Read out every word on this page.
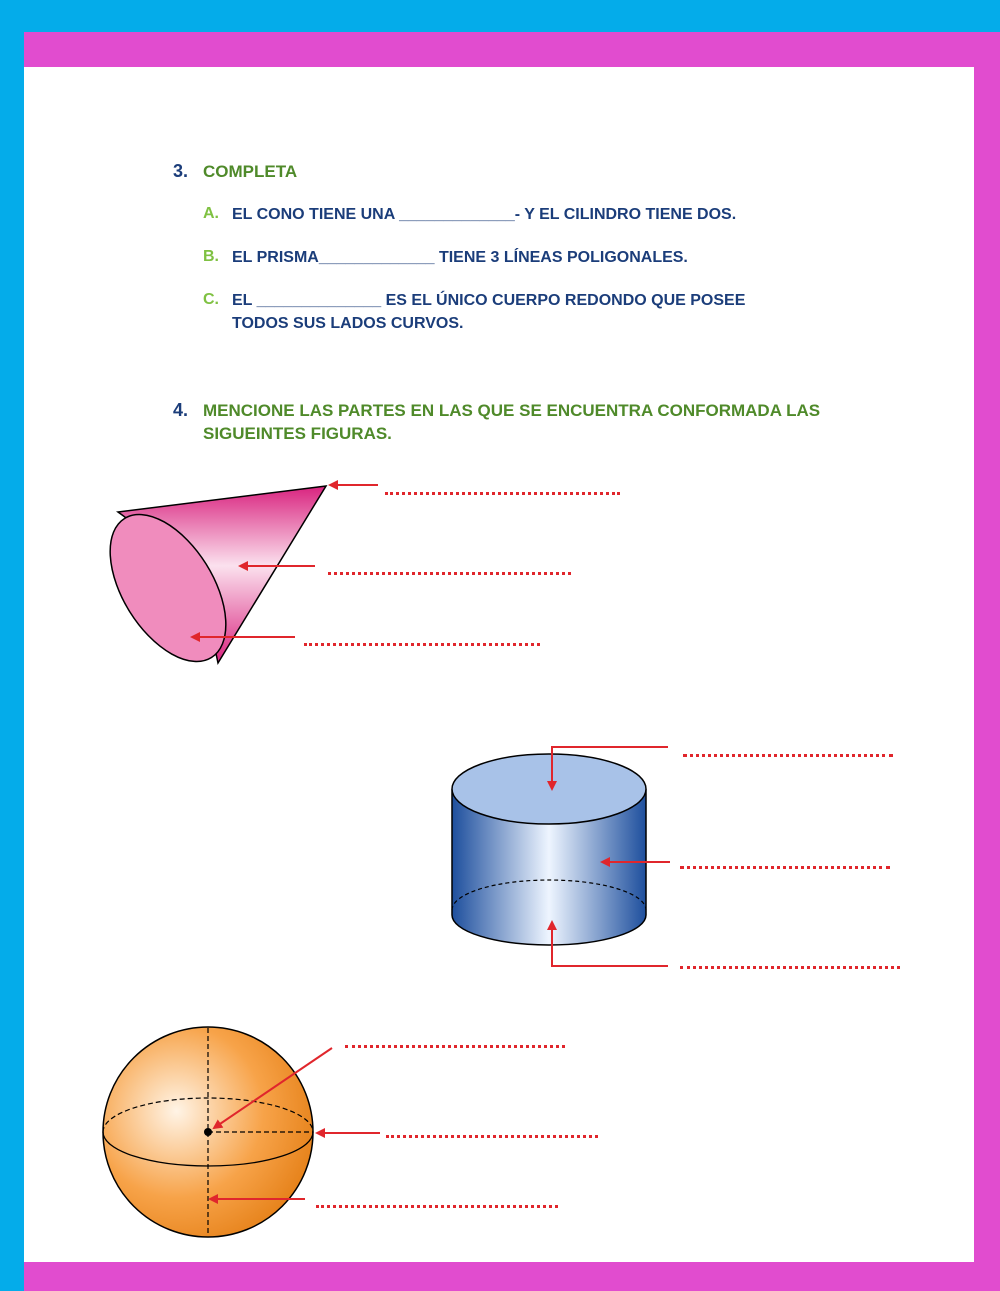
3. COMPLETA
A. EL CONO TIENE UNA _____________- Y EL CILINDRO TIENE DOS.
B. EL PRISMA_____________ TIENE 3 LÍNEAS POLIGONALES.
C. EL ______________ ES EL ÚNICO CUERPO REDONDO QUE POSEE
TODOS SUS LADOS CURVOS.
4. MENCIONE LAS PARTES EN LAS QUE SE ENCUENTRA CONFORMADA LAS
SIGUEINTES FIGURAS.
